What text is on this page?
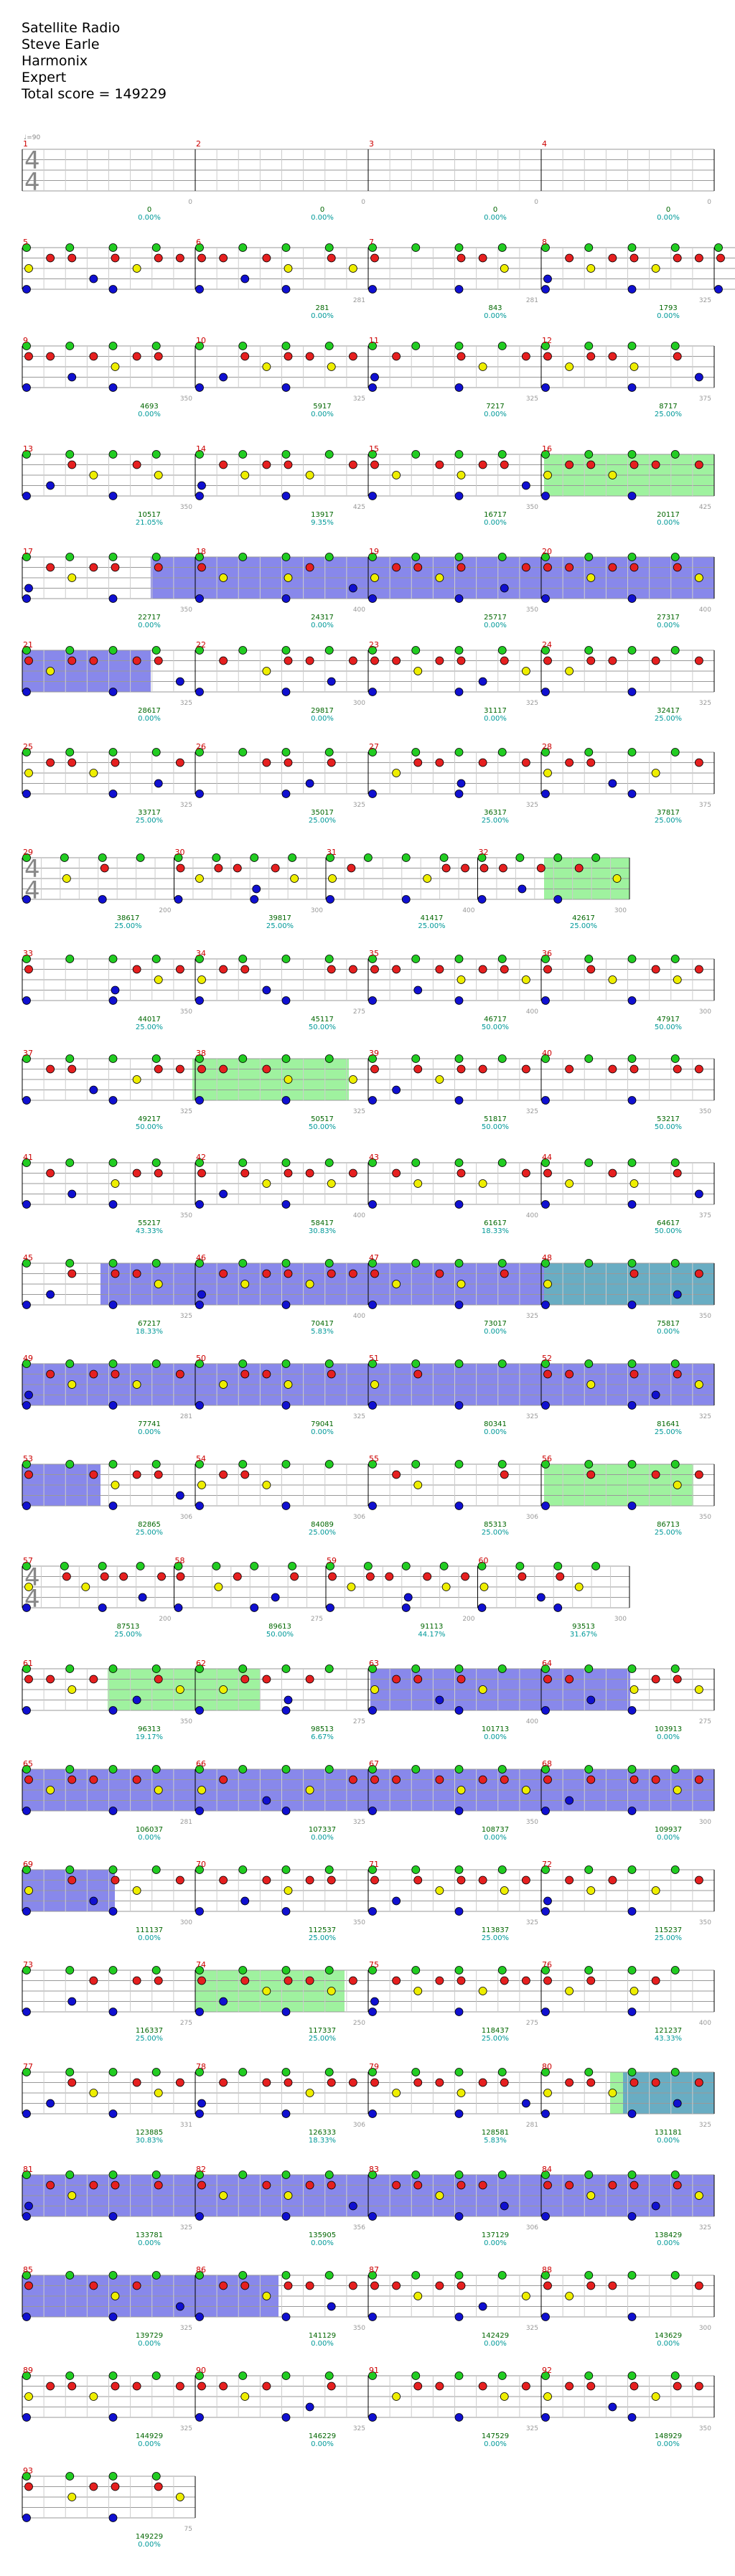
Satellite Radio
Steve Earle
Harmonix
Expert
Total score = 149229
4
4
♩=90
1
0
0
0.00%
2
0
0
0.00%
3
0
0
0.00%
4
0
0
0.00%
5	6
281
281
0.00%
7
281
843
0.00%
8
325
1793
0.00%
9
350
4693
0.00%
10
325
5917
0.00%
11
325
7217
0.00%
12
375
8717
25.00%
13
350
10517
21.05%
14
425
13917
9.35%
15
350
16717
0.00%
16
425
20117
0.00%
17
350
22717
0.00%
18
400
24317
0.00%
19
350
25717
0.00%
20
400
27317
0.00%
21
325
28617
0.00%
22
300
29817
0.00%
23
325
31117
0.00%
24
325
32417
25.00%
25
325
33717
25.00%
26
325
35017
25.00%
27
325
36317
25.00%
28
375
37817
25.00%
4
4
29
200
38617
25.00%
30
300
39817
25.00%
31
400
41417
25.00%
32
300
42617
25.00%
33
350
44017
25.00%
34
275
45117
50.00%
35
400
46717
50.00%
36
300
47917
50.00%
37
325
49217
50.00%
38
325
50517
50.00%
39
325
51817
50.00%
40
350
53217
50.00%
41
350
55217
43.33%
42
400
58417
30.83%
43
400
61617
18.33%
44
375
64617
50.00%
45
325
67217
18.33%
46
400
70417
5.83%
47
325
73017
0.00%
48
350
75817
0.00%
49
281
77741
0.00%
50
325
79041
0.00%
51
325
80341
0.00%
52
325
81641
25.00%
53
306
82865
25.00%
54
306
84089
25.00%
55
306
85313
25.00%
56
350
86713
25.00%
4
4
57
200
87513
25.00%
58
275
89613
50.00%
59
200
91113
44.17%
60
300
93513
31.67%
61
350
96313
19.17%
62
275
98513
6.67%
63
400
101713
0.00%
64
275
103913
0.00%
65
281
106037
0.00%
66
325
107337
0.00%
67
350
108737
0.00%
68
300
109937
0.00%
69
300
111137
0.00%
70
350
112537
25.00%
71
325
113837
25.00%
72
350
115237
25.00%
73
275
116337
25.00%
74
250
117337
25.00%
75
275
118437
25.00%
76
400
121237
43.33%
77
331
123885
30.83%
78
306
126333
18.33%
79
281
128581
5.83%
80
325
131181
0.00%
81
325
133781
0.00%
82
356
135905
0.00%
83
306
137129
0.00%
84
325
138429
0.00%
85
325
139729
0.00%
86
350
141129
0.00%
87
325
142429
0.00%
88
300
143629
0.00%
89
325
144929
0.00%
90
325
146229
0.00%
91
325
147529
0.00%
92
350
148929
0.00%
93
75
149229
0.00%
